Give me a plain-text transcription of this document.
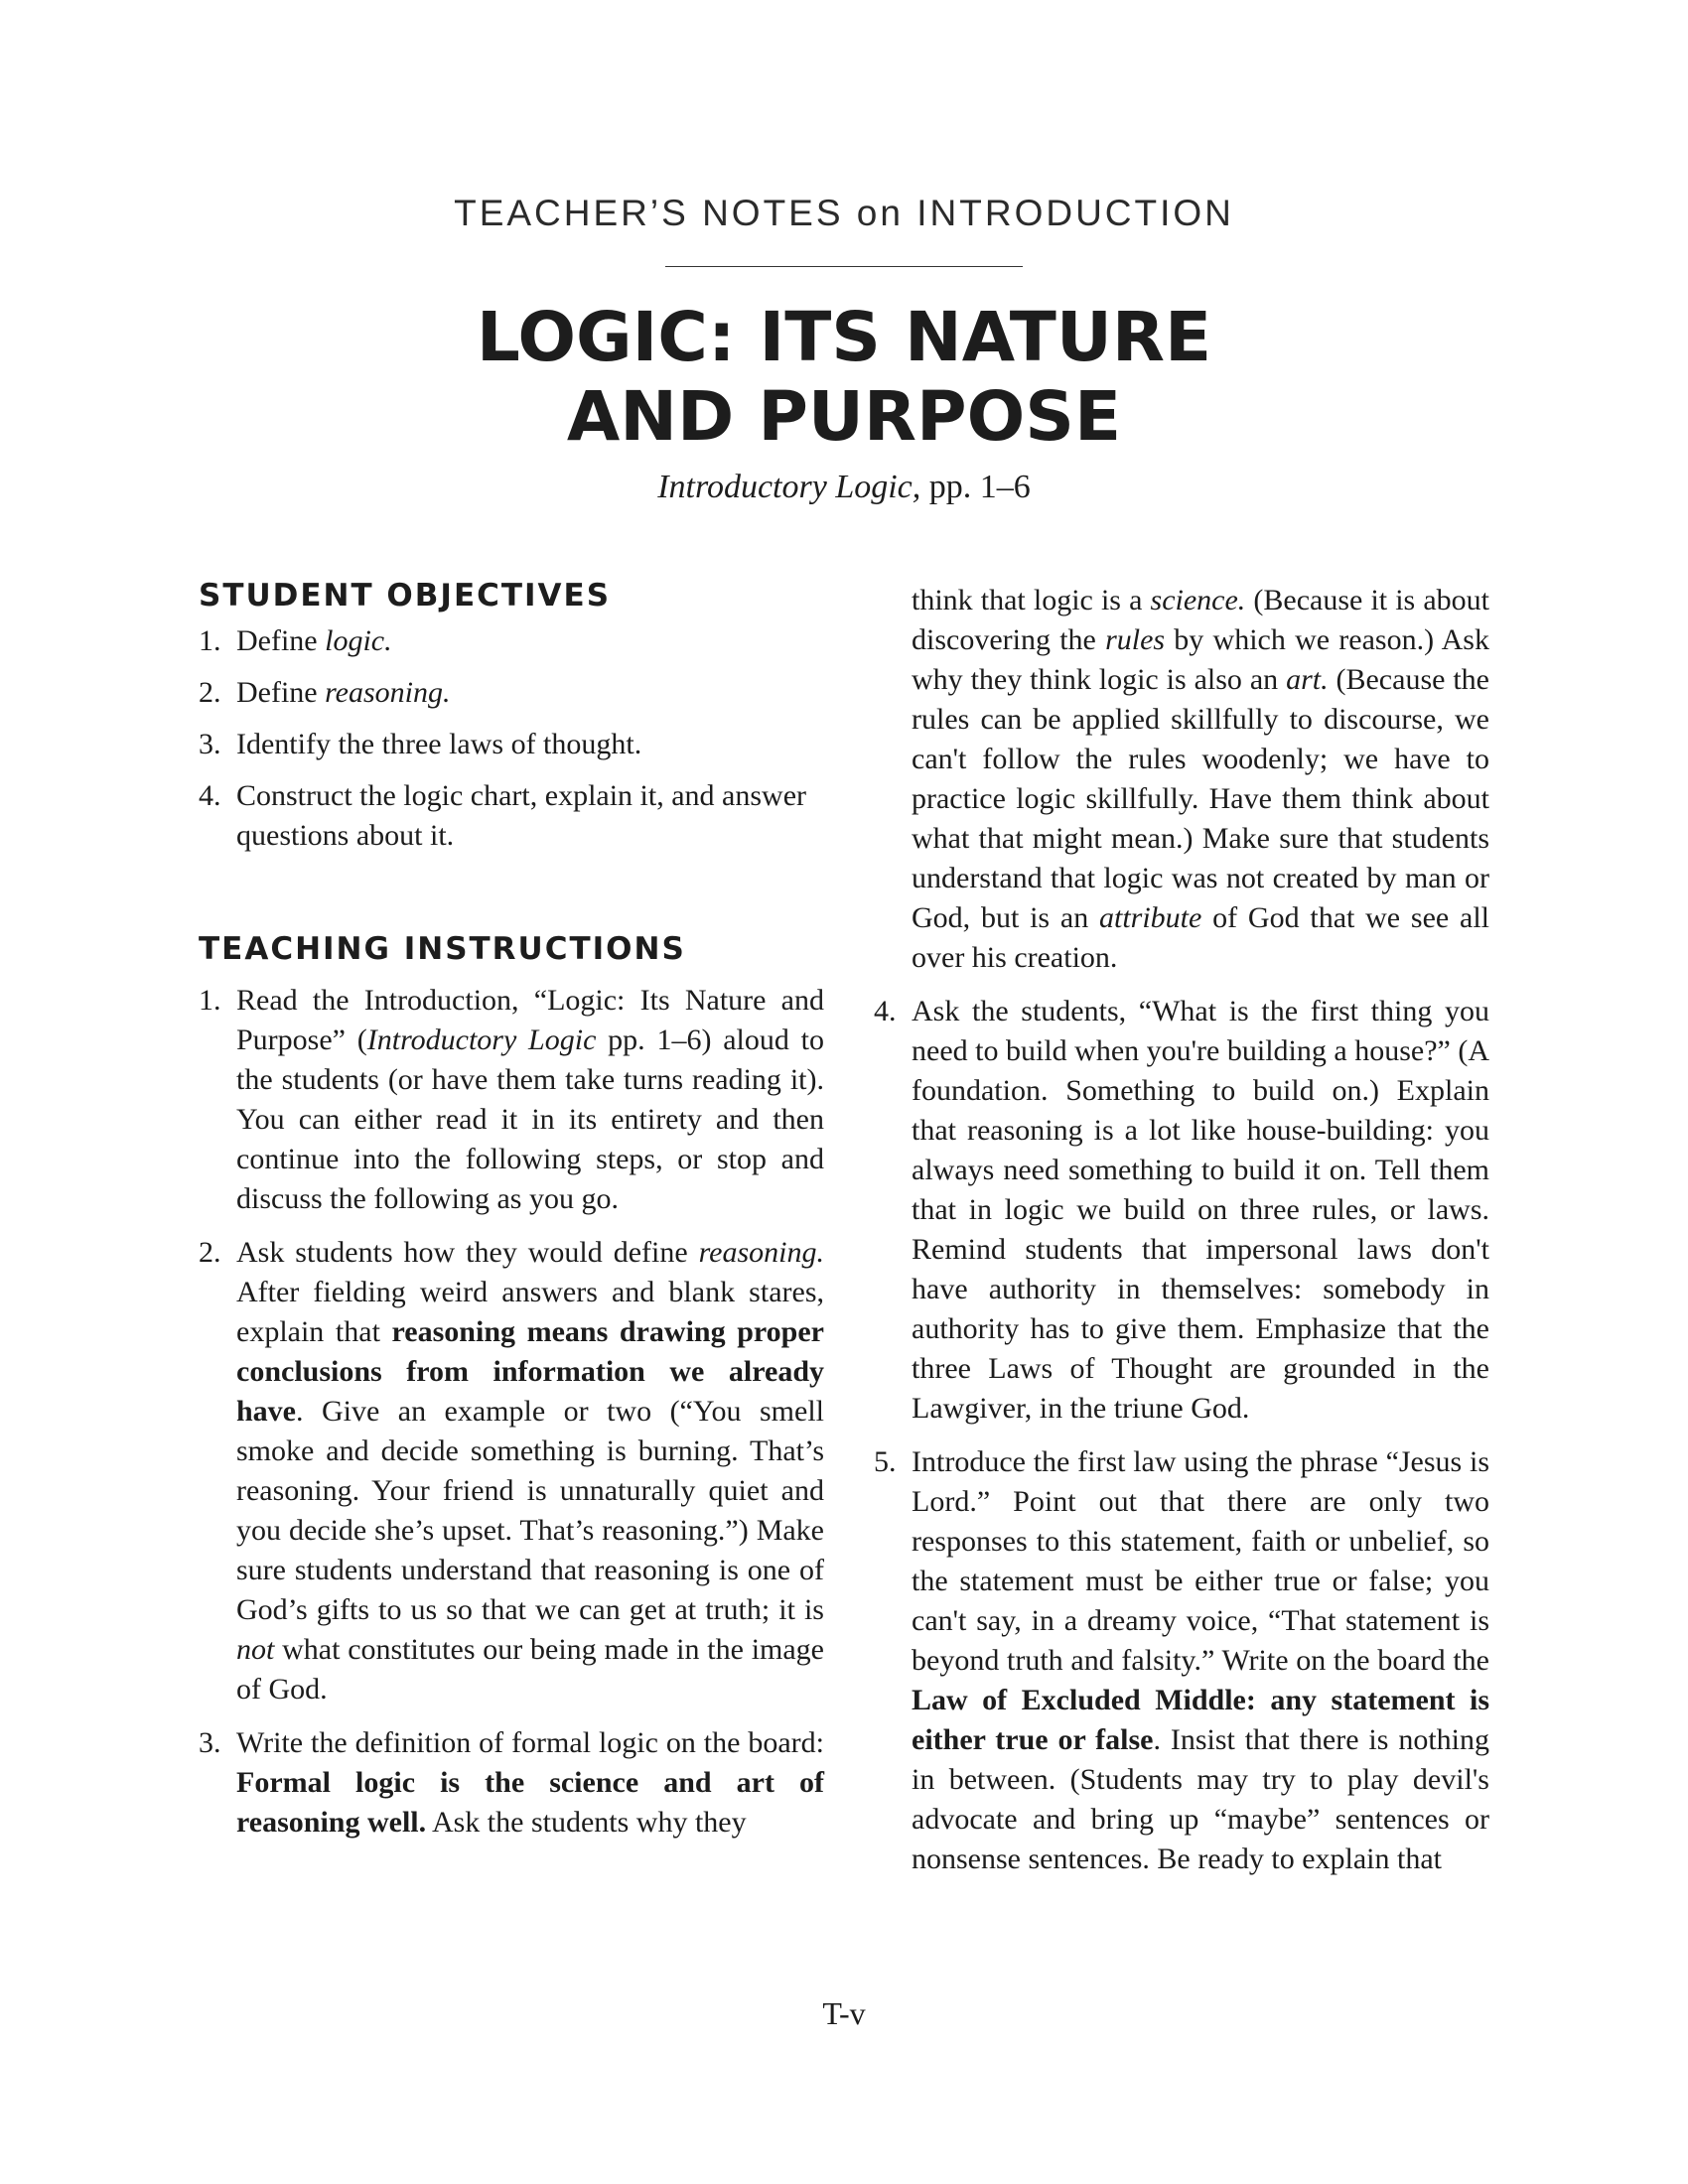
TEACHER’S NOTES on INTRODUCTION
LOGIC: ITS NATURE
AND PURPOSE
Introductory Logic, pp. 1–6
STUDENT OBJECTIVES
1. Define logic.
2. Define reasoning.
3. Identify the three laws of thought.
4. Construct the logic chart, explain it, and answer questions about it.
TEACHING INSTRUCTIONS
1. Read the Introduction, “Logic: Its Nature and Purpose” (Introductory Logic pp. 1–6) aloud to the students (or have them take turns reading it). You can either read it in its entirety and then continue into the following steps, or stop and discuss the following as you go.
2. Ask students how they would define reasoning. After fielding weird answers and blank stares, explain that reasoning means drawing proper conclusions from information we already have. Give an example or two (“You smell smoke and decide something is burning. That’s reasoning. Your friend is unnaturally quiet and you decide she’s upset. That’s reasoning.”) Make sure students understand that reasoning is one of God’s gifts to us so that we can get at truth; it is not what constitutes our being made in the image of God.
3. Write the definition of formal logic on the board: Formal logic is the science and art of reasoning well. Ask the students why they
think that logic is a science. (Because it is about discovering the rules by which we reason.) Ask why they think logic is also an art. (Because the rules can be applied skillfully to discourse, we can't follow the rules woodenly; we have to practice logic skillfully. Have them think about what that might mean.) Make sure that students understand that logic was not created by man or God, but is an attribute of God that we see all over his creation.
4. Ask the students, “What is the first thing you need to build when you're building a house?” (A foundation. Something to build on.) Explain that reasoning is a lot like house-building: you always need something to build it on. Tell them that in logic we build on three rules, or laws. Remind students that impersonal laws don't have authority in themselves: somebody in authority has to give them. Emphasize that the three Laws of Thought are grounded in the Lawgiver, in the triune God.
5. Introduce the first law using the phrase “Jesus is Lord.” Point out that there are only two responses to this statement, faith or unbelief, so the statement must be either true or false; you can't say, in a dreamy voice, “That statement is beyond truth and falsity.” Write on the board the Law of Excluded Middle: any statement is either true or false. Insist that there is nothing in between. (Students may try to play devil's advocate and bring up “maybe” sentences or nonsense sentences. Be ready to explain that
T-v
